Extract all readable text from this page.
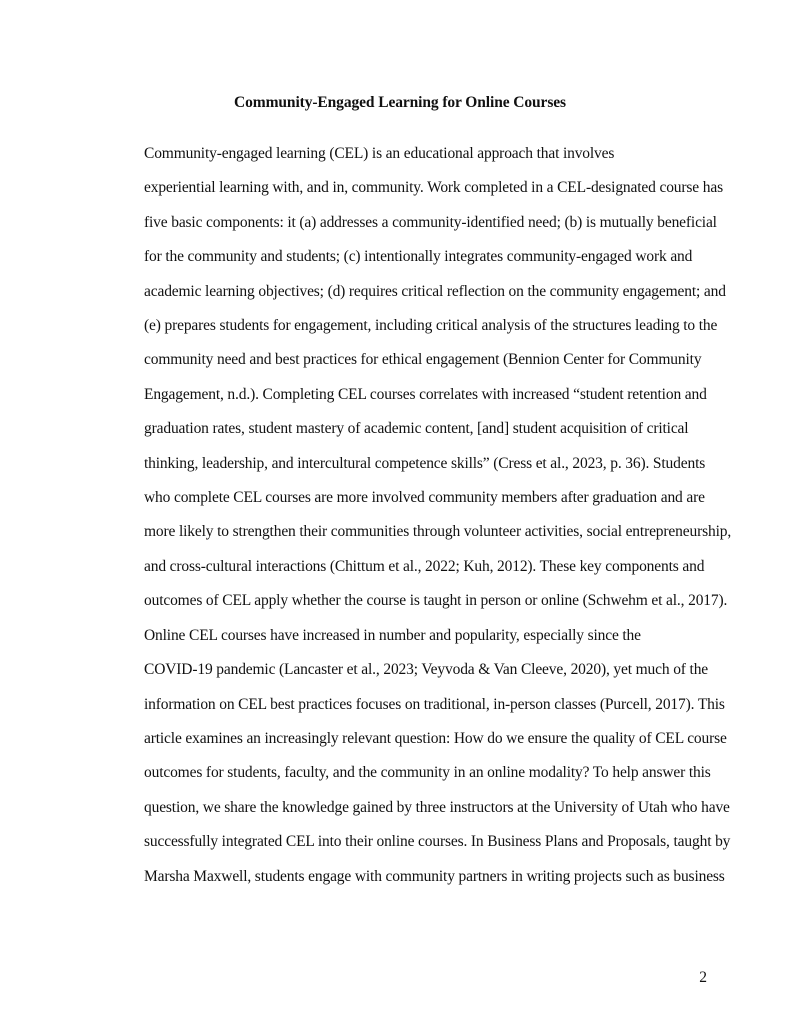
Community-Engaged Learning for Online Courses

Community-engaged learning (CEL) is an educational approach that involves
experiential learning with, and in, community. Work completed in a CEL-designated course has
five basic components: it (a) addresses a community-identified need; (b) is mutually beneficial
for the community and students; (c) intentionally integrates community-engaged work and
academic learning objectives; (d) requires critical reflection on the community engagement; and
(e) prepares students for engagement, including critical analysis of the structures leading to the
community need and best practices for ethical engagement (Bennion Center for Community
Engagement, n.d.). Completing CEL courses correlates with increased “student retention and
graduation rates, student mastery of academic content, [and] student acquisition of critical
thinking, leadership, and intercultural competence skills” (Cress et al., 2023, p. 36). Students
who complete CEL courses are more involved community members after graduation and are
more likely to strengthen their communities through volunteer activities, social entrepreneurship,
and cross-cultural interactions (Chittum et al., 2022; Kuh, 2012). These key components and
outcomes of CEL apply whether the course is taught in person or online (Schwehm et al., 2017).

Online CEL courses have increased in number and popularity, especially since the
COVID-19 pandemic (Lancaster et al., 2023; Veyvoda & Van Cleeve, 2020), yet much of the
information on CEL best practices focuses on traditional, in-person classes (Purcell, 2017). This
article examines an increasingly relevant question: How do we ensure the quality of CEL course
outcomes for students, faculty, and the community in an online modality? To help answer this
question, we share the knowledge gained by three instructors at the University of Utah who have
successfully integrated CEL into their online courses. In Business Plans and Proposals, taught by
Marsha Maxwell, students engage with community partners in writing projects such as business

2
